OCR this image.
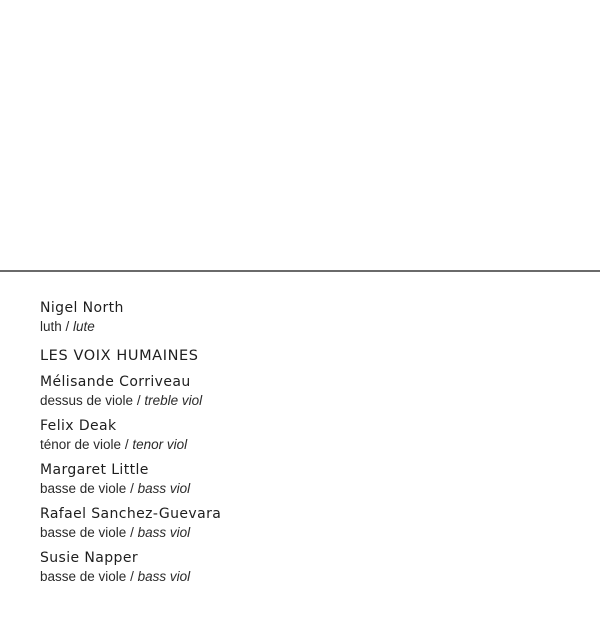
Nigel North
luth / lute
LES VOIX HUMAINES
Mélisande Corriveau
dessus de viole / treble viol
Felix Deak
ténor de viole / tenor viol
Margaret Little
basse de viole / bass viol
Rafael Sanchez-Guevara
basse de viole / bass viol
Susie Napper
basse de viole / bass viol
